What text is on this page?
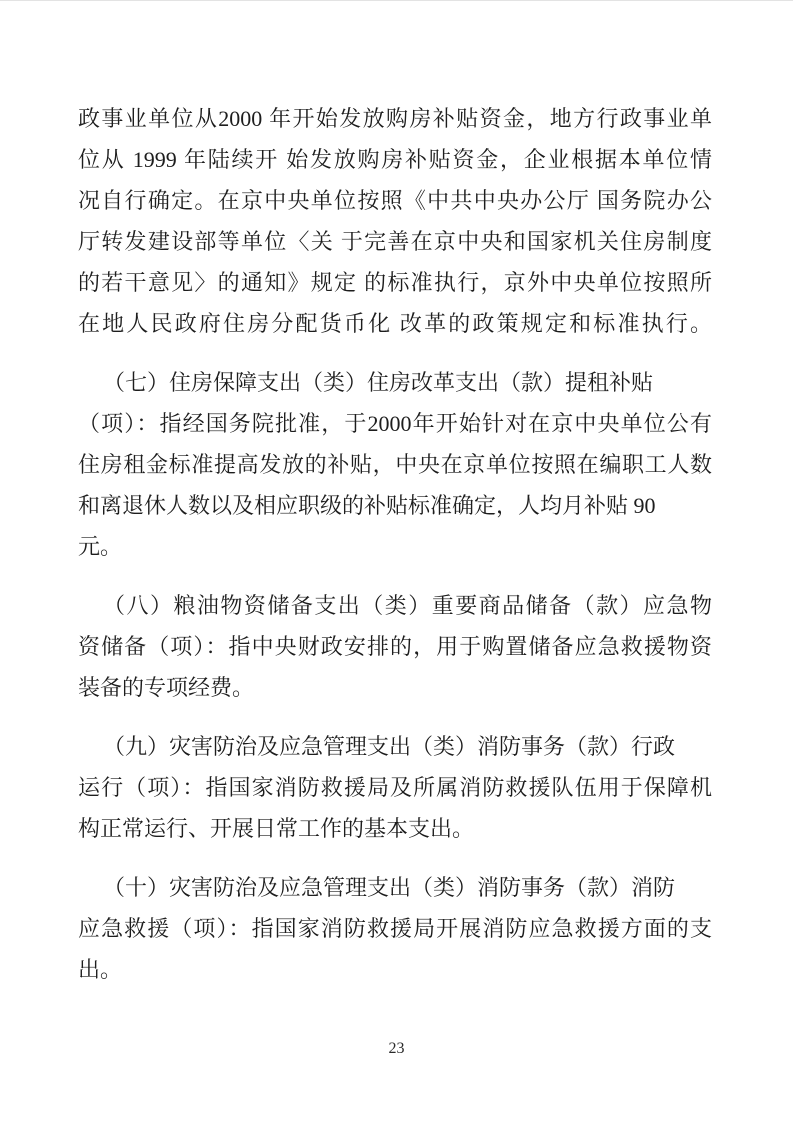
政事业单位从2000 年开始发放购房补贴资金，地方行政事业单
位从 1999 年陆续开 始发放购房补贴资金，企业根据本单位情
况自行确定。在京中央单位按照《中共中央办公厅 国务院办公
厅转发建设部等单位〈关 于完善在京中央和国家机关住房制度
的若干意见〉的通知》规定 的标准执行，京外中央单位按照所
在地人民政府住房分配货币化 改革的政策规定和标准执行。
（七）住房保障支出（类）住房改革支出（款）提租补贴
（项）：指经国务院批准，于2000年开始针对在京中央单位公有
住房租金标准提高发放的补贴，中央在京单位按照在编职工人数
和离退休人数以及相应职级的补贴标准确定，人均月补贴 90
元。
（八）粮油物资储备支出（类）重要商品储备（款）应急物
资储备（项）：指中央财政安排的，用于购置储备应急救援物资
装备的专项经费。
（九）灾害防治及应急管理支出（类）消防事务（款）行政
运行（项）：指国家消防救援局及所属消防救援队伍用于保障机
构正常运行、开展日常工作的基本支出。
（十）灾害防治及应急管理支出（类）消防事务（款）消防
应急救援（项）：指国家消防救援局开展消防应急救援方面的支
出。
23
